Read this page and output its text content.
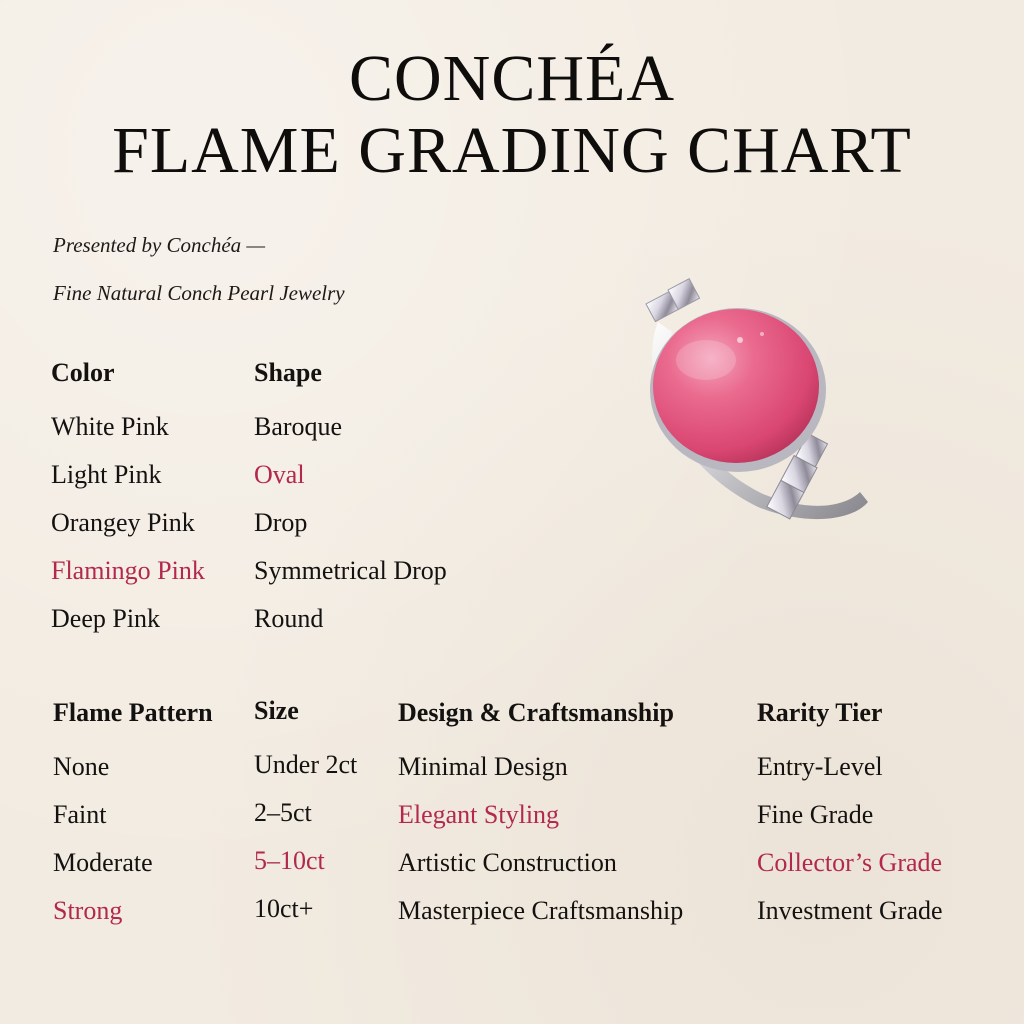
CONCHÉA
FLAME GRADING CHART

Presented by Conchéa —

Fine Natural Conch Pearl Jewelry

Color
White Pink
Light Pink
Orangey Pink
Flamingo Pink
Deep Pink
Shape
Baroque
Oval
Drop
Symmetrical Drop
Round
Flame Pattern
None
Faint
Moderate
Strong
Size
Under 2ct
2–5ct
5–10ct
10ct+
Design & Craftsmanship
Minimal Design
Elegant Styling
Artistic Construction
Masterpiece Craftsmanship
Rarity Tier
Entry-Level
Fine Grade
Collector’s Grade
Investment Grade
